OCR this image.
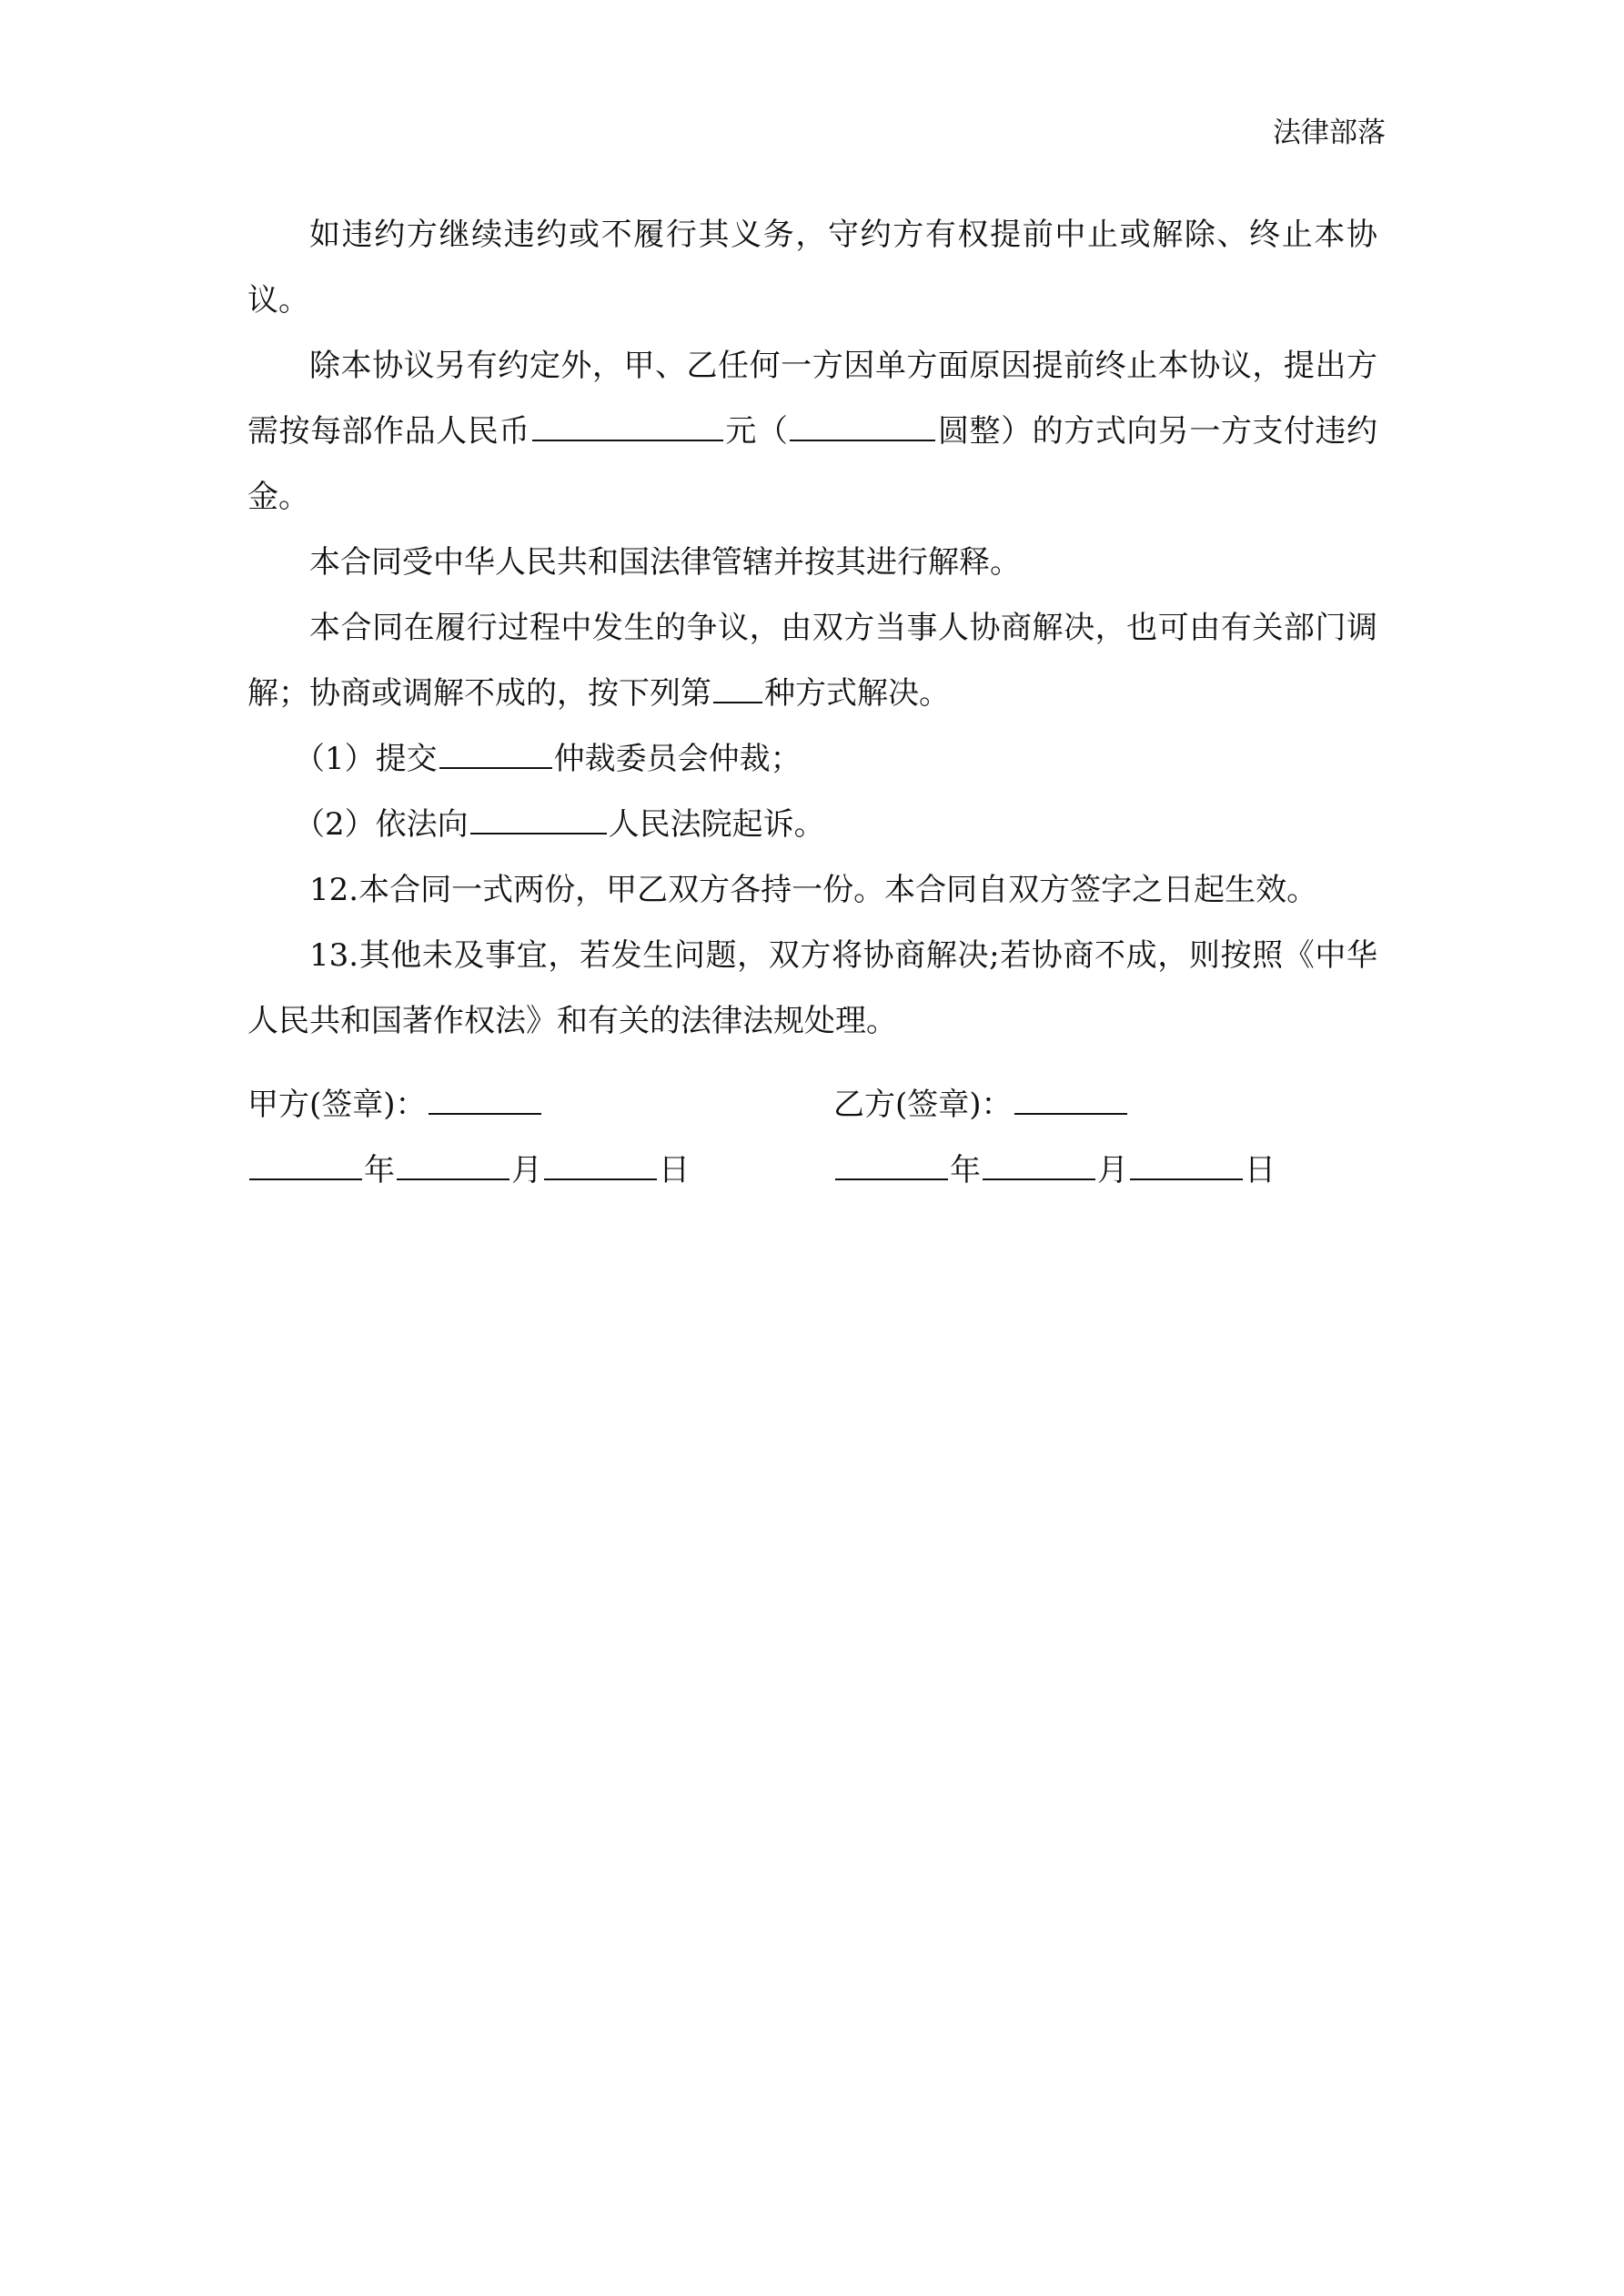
法律部落

如违约方继续违约或不履行其义务，守约方有权提前中止或解除、终止本协议。

除本协议另有约定外，甲、乙任何一方因单方面原因提前终止本协议，提出方需按每部作品人民币	元（	圆整）的方式向另一方支付违约金。

本合同受中华人民共和国法律管辖并按其进行解释。

本合同在履行过程中发生的争议，由双方当事人协商解决，也可由有关部门调解；协商或调解不成的，按下列第 种方式解决。

（1）提交	仲裁委员会仲裁；

（2）依法向	人民法院起诉。

12.本合同一式两份，甲乙双方各持一份。本合同自双方签字之日起生效。

13.其他未及事宜，若发生问题，双方将协商解决;若协商不成，则按照《中华人民共和国著作权法》和有关的法律法规处理。

甲方(签章)：	乙方(签章)：
年	月	日	年	月	日
